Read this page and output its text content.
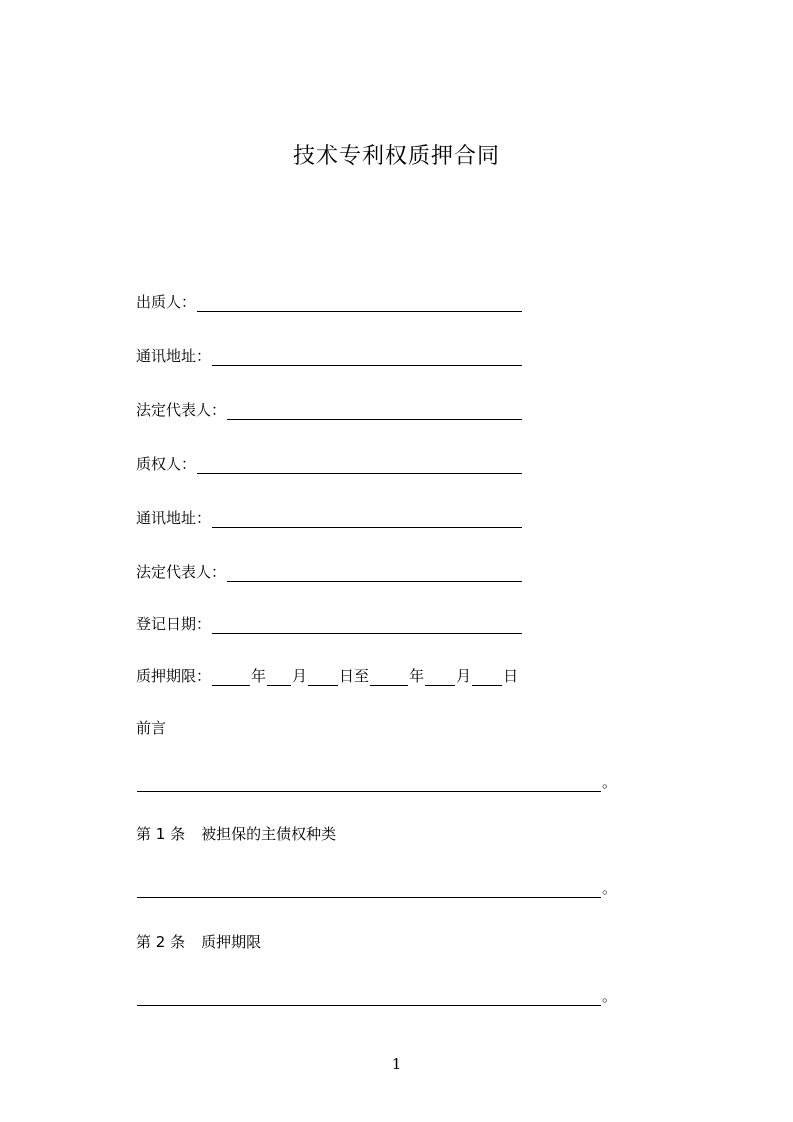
技术专利权质押合同
出质人：
通讯地址：
法定代表人：
质权人：
通讯地址：
法定代表人：
登记日期：
质押期限：	年 月 日至	年 月 日
前言
。
第 1 条 被担保的主债权种类
。
第 2 条 质押期限
。
1
